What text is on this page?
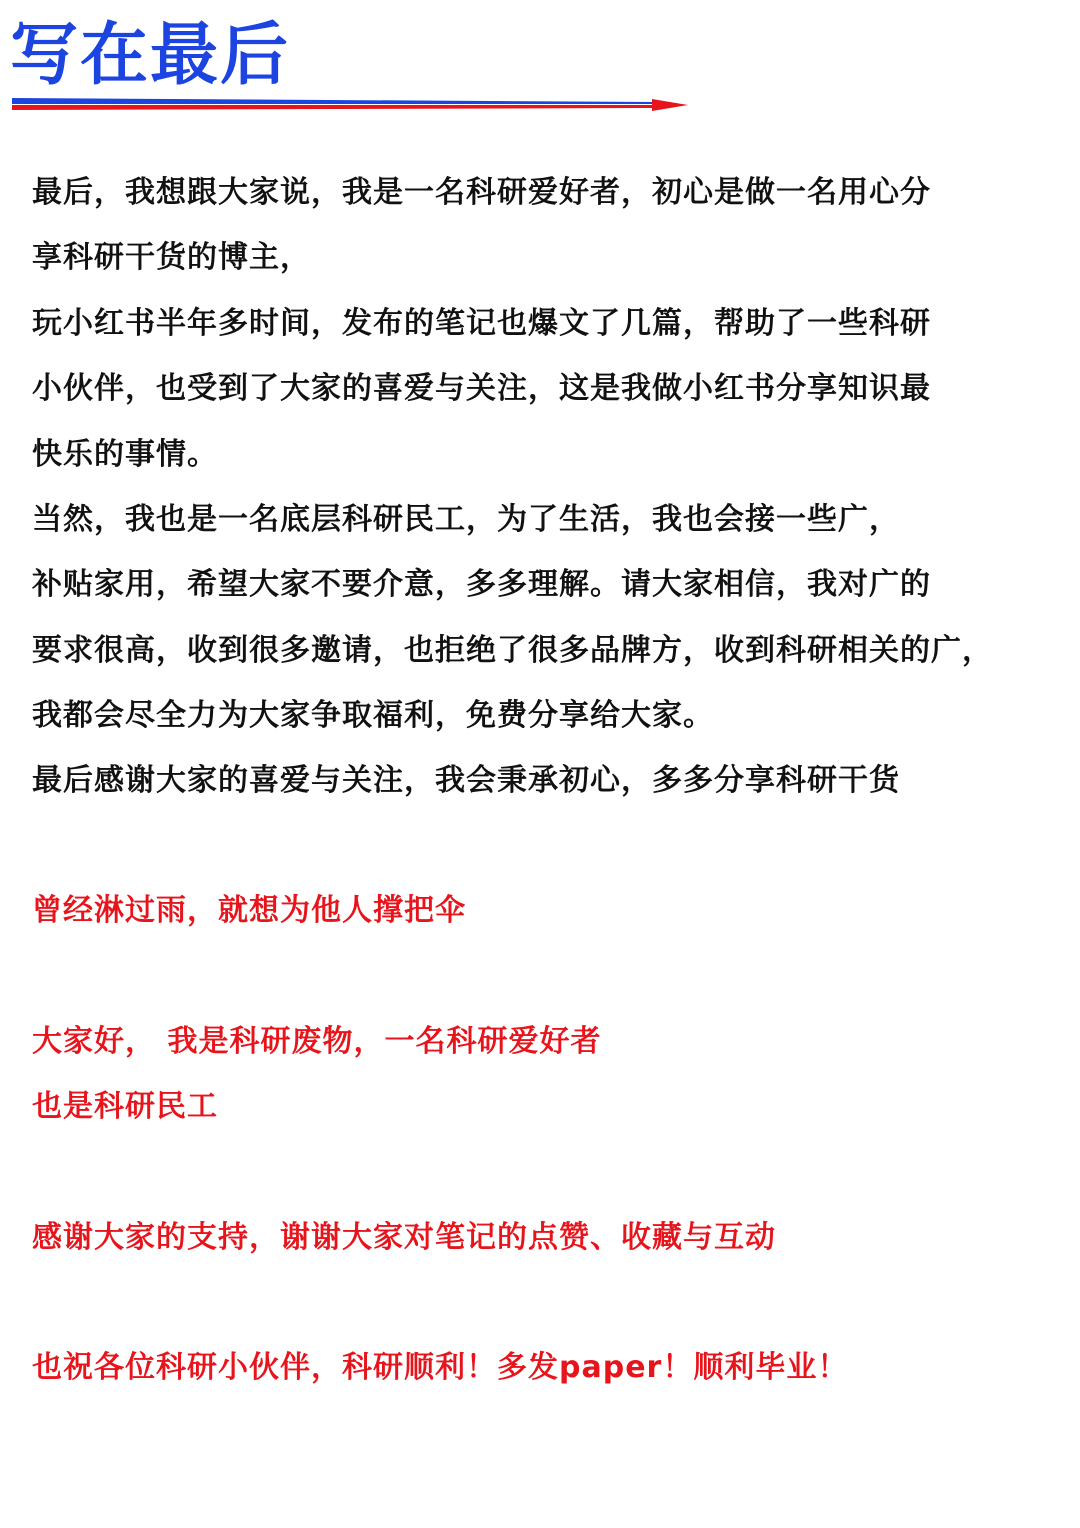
写在最后
最后，我想跟大家说，我是一名科研爱好者，初心是做一名用心分
享科研干货的博主，
玩小红书半年多时间，发布的笔记也爆文了几篇，帮助了一些科研
小伙伴，也受到了大家的喜爱与关注，这是我做小红书分享知识最
快乐的事情。
当然，我也是一名底层科研民工，为了生活，我也会接一些广，
补贴家用，希望大家不要介意，多多理解。请大家相信，我对广的
要求很高，收到很多邀请，也拒绝了很多品牌方，收到科研相关的广，
我都会尽全力为大家争取福利，免费分享给大家。
最后感谢大家的喜爱与关注，我会秉承初心，多多分享科研干货
曾经淋过雨，就想为他人撑把伞
大家好， 我是科研废物，一名科研爱好者
也是科研民工
感谢大家的支持，谢谢大家对笔记的点赞、收藏与互动
也祝各位科研小伙伴，科研顺利！多发paper！顺利毕业！
